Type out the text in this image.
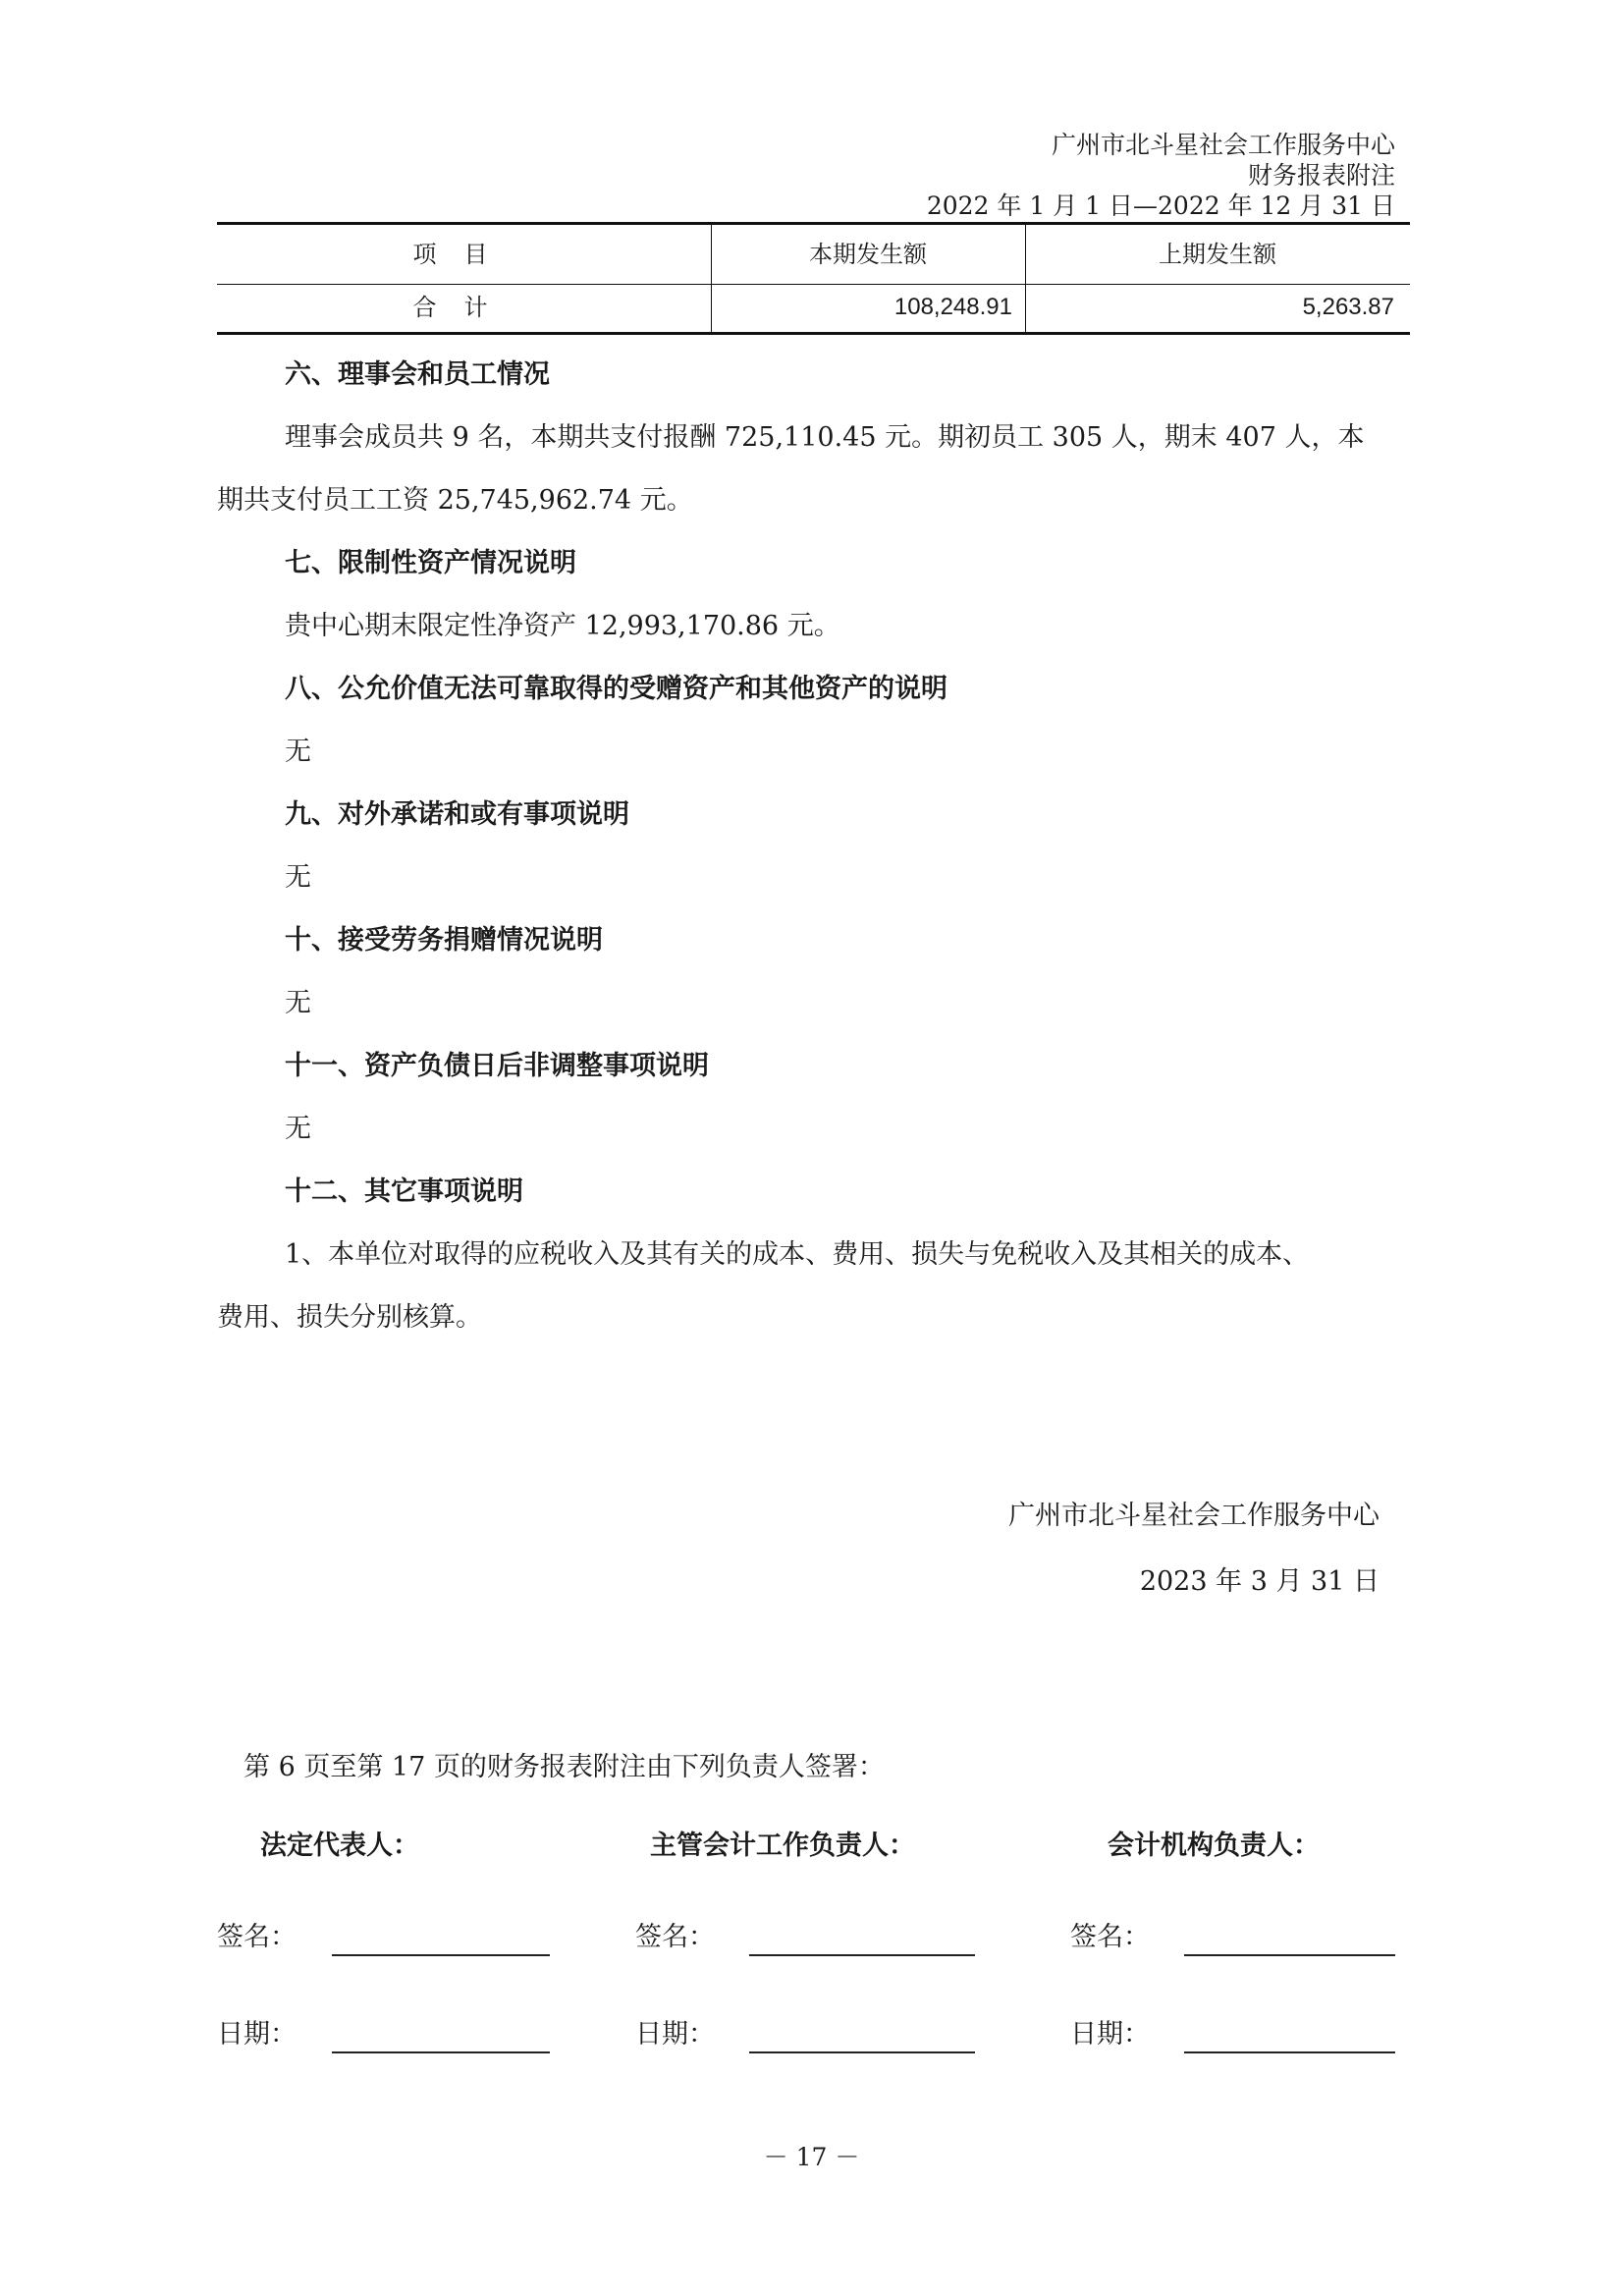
广州市北斗星社会工作服务中心
财务报表附注
2022 年 1 月 1 日—2022 年 12 月 31 日
项目	本期发生额	上期发生额
合计	108,248.91	5,263.87
六、理事会和员工情况
理事会成员共 9 名，本期共支付报酬 725,110.45 元。期初员工 305 人，期末 407 人，本
期共支付员工工资 25,745,962.74 元。
七、限制性资产情况说明
贵中心期末限定性净资产 12,993,170.86 元。
八、公允价值无法可靠取得的受赠资产和其他资产的说明
无
九、对外承诺和或有事项说明
无
十、接受劳务捐赠情况说明
无
十一、资产负债日后非调整事项说明
无
十二、其它事项说明
1、本单位对取得的应税收入及其有关的成本、费用、损失与免税收入及其相关的成本、
费用、损失分别核算。
广州市北斗星社会工作服务中心
2023 年 3 月 31 日
第 6 页至第 17 页的财务报表附注由下列负责人签署：
法定代表人：	主管会计工作负责人：	会计机构负责人：
签名：	签名：	签名：
日期：	日期：	日期：
－ 17 －
